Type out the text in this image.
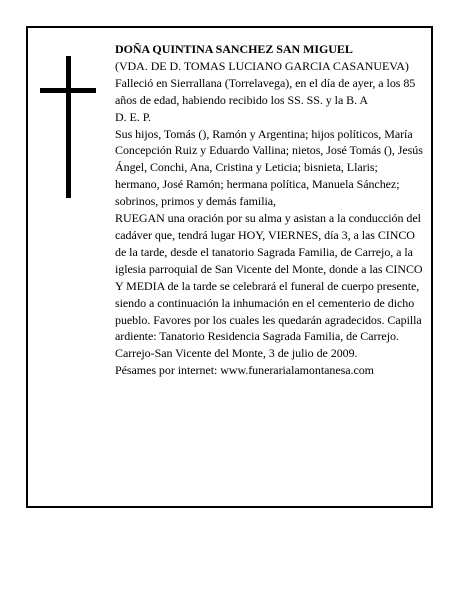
DOÑA QUINTINA SANCHEZ SAN MIGUEL

(VDA. DE D. TOMAS LUCIANO GARCIA CASANUEVA)

Falleció en Sierrallana (Torrelavega), en el día de ayer, a los 85 años de edad, habiendo recibido los SS. SS. y la B. A

D. E. P.

Sus hijos, Tomás (), Ramón y Argentina; hijos políticos, María Concepción Ruiz y Eduardo Vallina; nietos, José Tomás (), Jesús Ángel, Conchi, Ana, Cristina y Leticia; bisnieta, Llaris; hermano, José Ramón; hermana política, Manuela Sánchez; sobrinos, primos y demás familia,

RUEGAN una oración por su alma y asistan a la conducción del cadáver que, tendrá lugar HOY, VIERNES, día 3, a las CINCO de la tarde, desde el tanatorio Sagrada Familia, de Carrejo, a la iglesia parroquial de San Vicente del Monte, donde a las CINCO Y MEDIA de la tarde se celebrará el funeral de cuerpo presente, siendo a continuación la inhumación en el cementerio de dicho pueblo. Favores por los cuales les quedarán agradecidos. Capilla ardiente: Tanatorio Residencia Sagrada Familia, de Carrejo.

Carrejo-San Vicente del Monte, 3 de julio de 2009.

Pésames por internet: www.funerarialamontanesa.com
